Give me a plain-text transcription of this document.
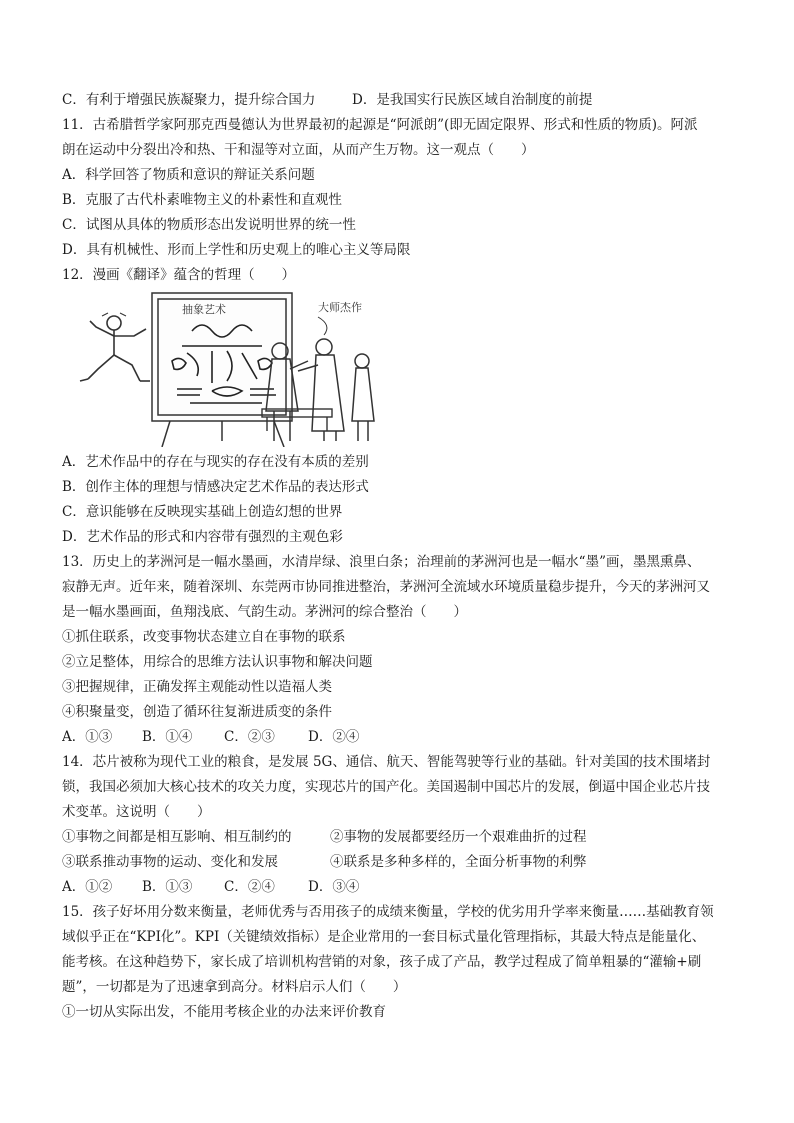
C．有利于增强民族凝聚力，提升综合国力	D．是我国实行民族区域自治制度的前提
11．古希腊哲学家阿那克西曼德认为世界最初的起源是“阿派朗”(即无固定限界、形式和性质的物质)。阿派
朗在运动中分裂出冷和热、干和湿等对立面，从而产生万物。这一观点（　　）
A．科学回答了物质和意识的辩证关系问题
B．克服了古代朴素唯物主义的朴素性和直观性
C．试图从具体的物质形态出发说明世界的统一性
D．具有机械性、形而上学性和历史观上的唯心主义等局限
12．漫画《翻译》蕴含的哲理（　　）
抽象艺术	大师杰作
A．艺术作品中的存在与现实的存在没有本质的差别
B．创作主体的理想与情感决定艺术作品的表达形式
C．意识能够在反映现实基础上创造幻想的世界
D．艺术作品的形式和内容带有强烈的主观色彩
13．历史上的茅洲河是一幅水墨画，水清岸绿、浪里白条；治理前的茅洲河也是一幅水“墨”画，墨黑熏鼻、
寂静无声。近年来，随着深圳、东莞两市协同推进整治，茅洲河全流域水环境质量稳步提升，今天的茅洲河又
是一幅水墨画面，鱼翔浅底、气韵生动。茅洲河的综合整治（　　）
①抓住联系，改变事物状态建立自在事物的联系
②立足整体，用综合的思维方法认识事物和解决问题
③把握规律，正确发挥主观能动性以造福人类
④积聚量变，创造了循环往复渐进质变的条件
A．①③ B．①④ C．②③ D．②④
14．芯片被称为现代工业的粮食，是发展 5G、通信、航天、智能驾驶等行业的基础。针对美国的技术围堵封
锁，我国必须加大核心技术的攻关力度，实现芯片的国产化。美国遏制中国芯片的发展，倒逼中国企业芯片技
术变革。这说明（　　）
①事物之间都是相互影响、相互制约的	②事物的发展都要经历一个艰难曲折的过程
③联系推动事物的运动、变化和发展	④联系是多种多样的，全面分析事物的利弊
A．①② B．①③ C．②④ D．③④
15．孩子好坏用分数来衡量，老师优秀与否用孩子的成绩来衡量，学校的优劣用升学率来衡量……基础教育领
域似乎正在“KPI化”。KPI（关键绩效指标）是企业常用的一套目标式量化管理指标，其最大特点是能量化、
能考核。在这种趋势下，家长成了培训机构营销的对象，孩子成了产品，教学过程成了简单粗暴的“灌输+刷
题”，一切都是为了迅速拿到高分。材料启示人们（　　）
①一切从实际出发，不能用考核企业的办法来评价教育
